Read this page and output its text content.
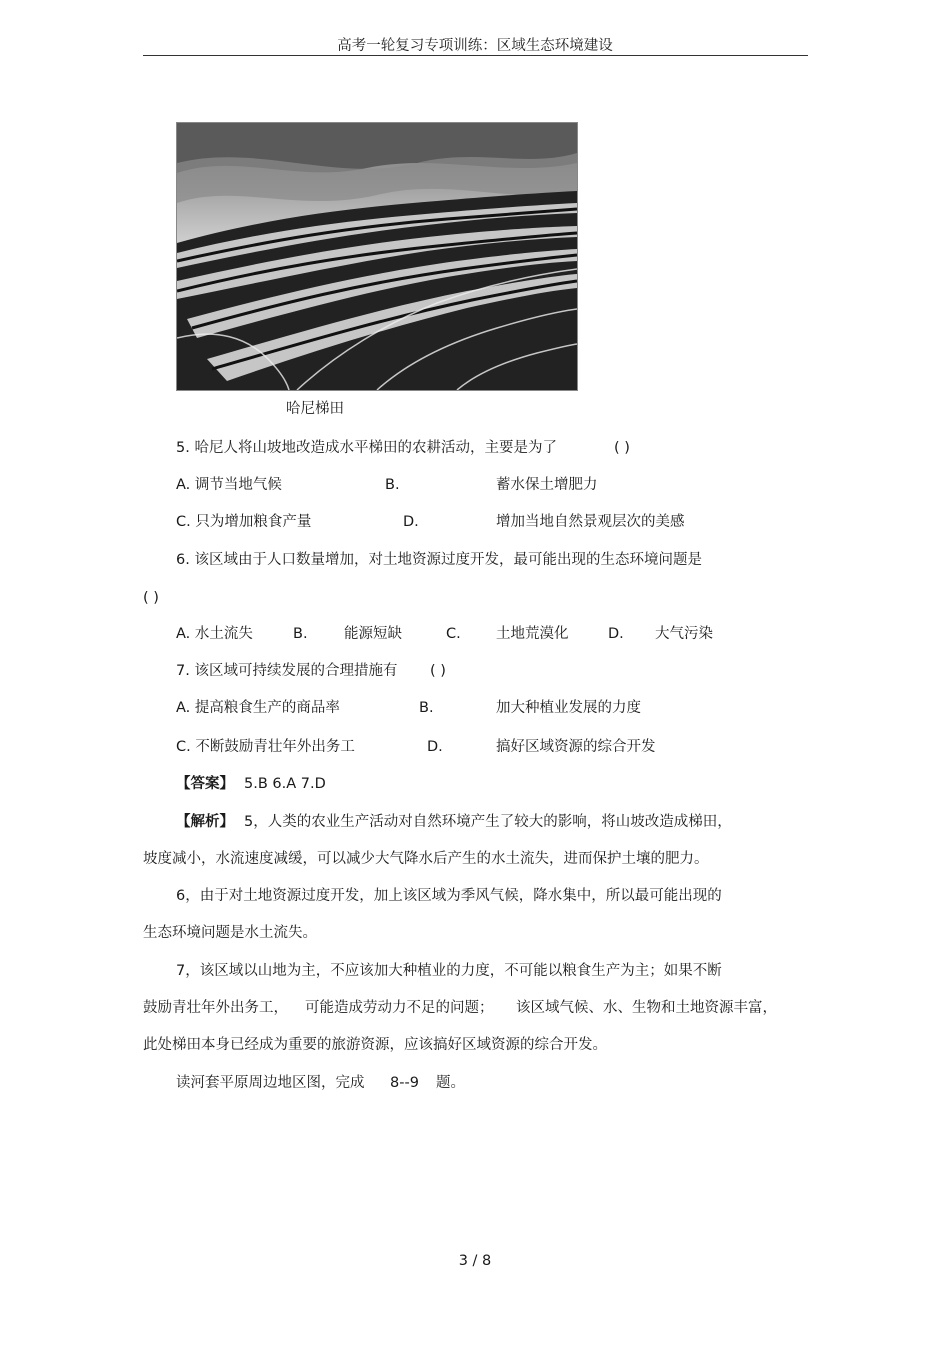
高考一轮复习专项训练：区域生态环境建设
哈尼梯田
5. 哈尼人将山坡地改造成水平梯田的农耕活动，主要是为了	( )
A. 调节当地气候	B.	蓄水保土增肥力
C. 只为增加粮食产量	D.	增加当地自然景观层次的美感
6. 该区域由于人口数量增加，对土地资源过度开发，最可能出现的生态环境问题是
( )
A. 水土流失	B.	能源短缺	C. 土地荒漠化	D. 大气污染
7. 该区域可持续发展的合理措施有 ( )
A. 提高粮食生产的商品率	B.	加大种植业发展的力度
C. 不断鼓励青壮年外出务工	D.	搞好区域资源的综合开发
【答案】 5.B 6.A 7.D
【解析】 5，人类的农业生产活动对自然环境产生了较大的影响，将山坡改造成梯田，
坡度减小，水流速度减缓，可以减少大气降水后产生的水土流失，进而保护土壤的肥力。
6，由于对土地资源过度开发，加上该区域为季风气候，降水集中，所以最可能出现的
生态环境问题是水土流失。
7，该区域以山地为主，不应该加大种植业的力度，不可能以粮食生产为主；如果不断
鼓励青壮年外出务工， 可能造成劳动力不足的问题； 该区域气候、水、生物和土地资源丰富，
此处梯田本身已经成为重要的旅游资源，应该搞好区域资源的综合开发。
读河套平原周边地区图，完成 8--9 题。
3 / 8
